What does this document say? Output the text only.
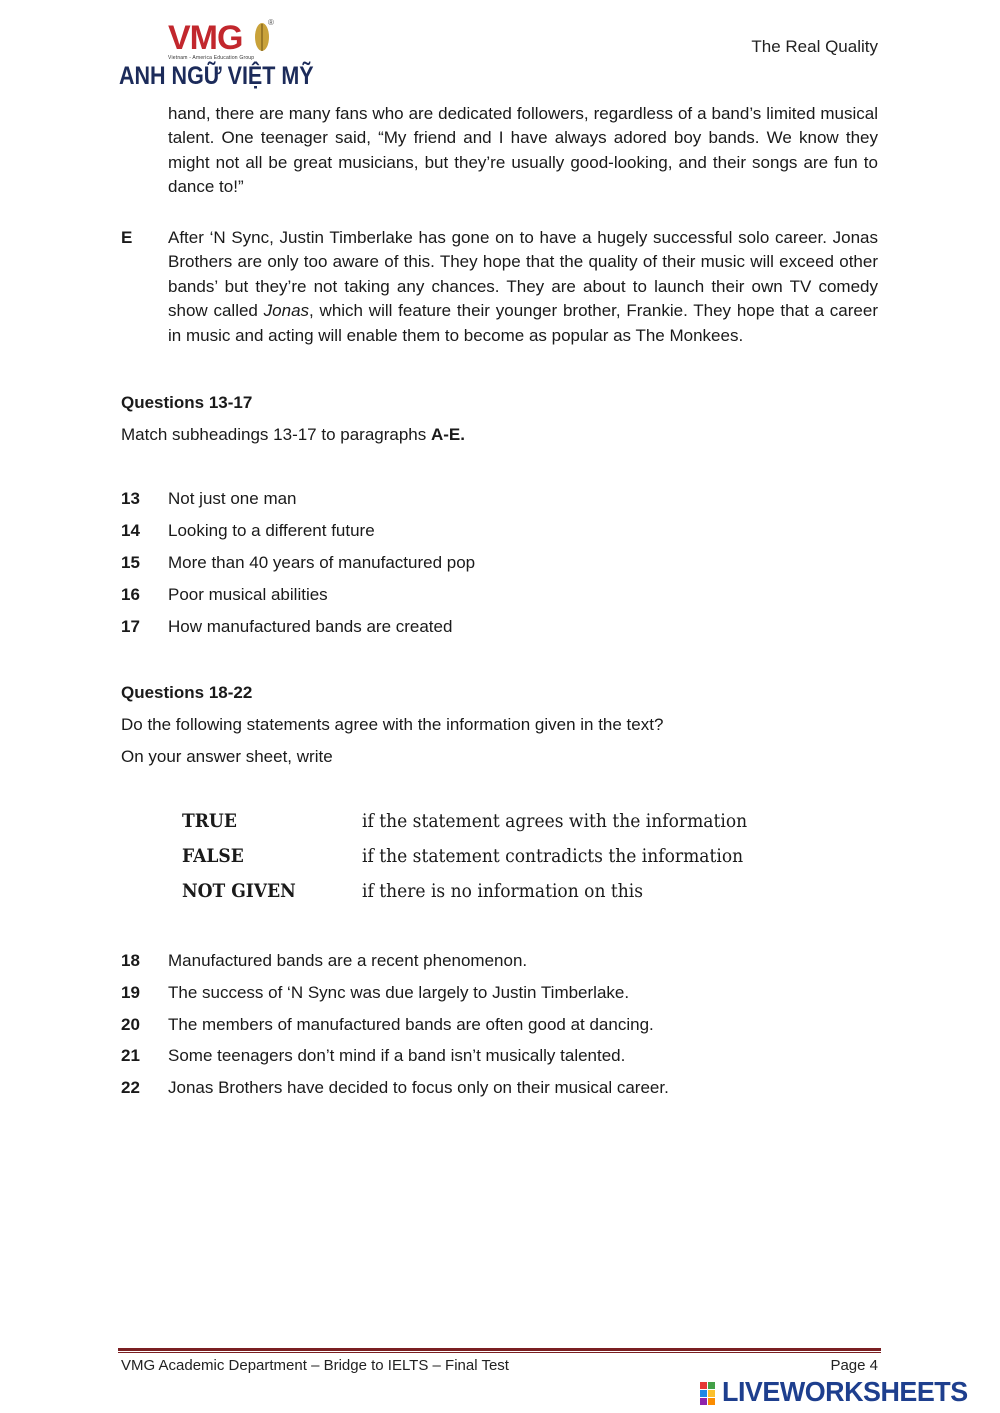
VMG	®
Vietnam - America Education Group
ANH NGỮ VIỆT MỸ
The Real Quality
hand, there are many fans who are dedicated followers, regardless of a band’s limited musical talent. One teenager said, “My friend and I have always adored boy bands. We know they might not all be great musicians, but they’re usually good-looking, and their songs are fun to dance to!”
E After ‘N Sync, Justin Timberlake has gone on to have a hugely successful solo career. Jonas Brothers are only too aware of this. They hope that the quality of their music will exceed other bands’ but they’re not taking any chances. They are about to launch their own TV comedy show called Jonas, which will feature their younger brother, Frankie. They hope that a career in music and acting will enable them to become as popular as The Monkees.
Questions 13-17
Match subheadings 13-17 to paragraphs A-E.
13 Not just one man
14 Looking to a different future
15 More than 40 years of manufactured pop
16 Poor musical abilities
17 How manufactured bands are created
Questions 18-22
Do the following statements agree with the information given in the text?
On your answer sheet, write
TRUE	if the statement agrees with the information
FALSE	if the statement contradicts the information
NOT GIVEN	if there is no information on this
18 Manufactured bands are a recent phenomenon.
19 The success of ‘N Sync was due largely to Justin Timberlake.
20 The members of manufactured bands are often good at dancing.
21 Some teenagers don’t mind if a band isn’t musically talented.
22 Jonas Brothers have decided to focus only on their musical career.
VMG Academic Department – Bridge to IELTS – Final Test	Page 4
LIVEWORKSHEETS
